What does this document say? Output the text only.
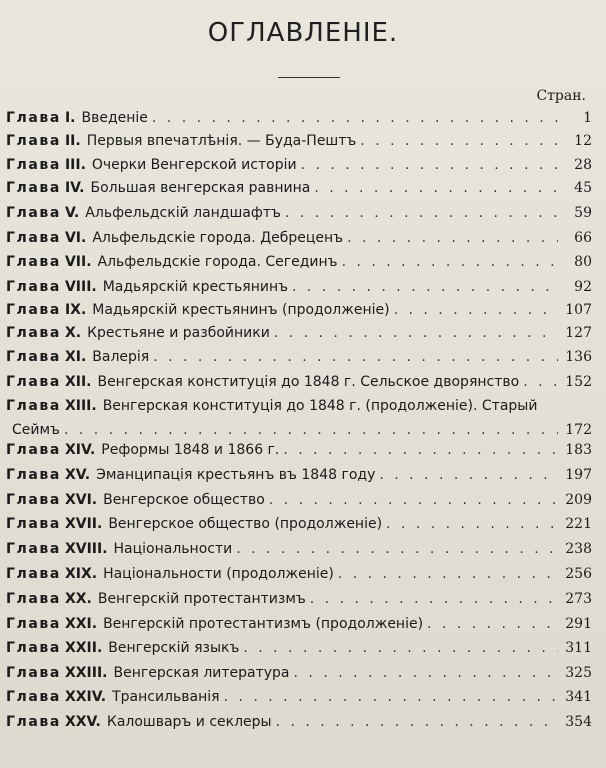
ОГЛАВЛЕНІЕ.
Стран.
Глава I. Введеніе . . .	1
Глава II. Первыя впечатлѣнія. — Буда-Пештъ . . .	12
Глава III. Очерки Венгерской исторіи . . .	28
Глава IV. Большая венгерская равнина . . .	45
Глава V. Альфельдскій ландшафтъ . . .	59
Глава VI. Альфельдскіе города. Дебреценъ . . .	66
Глава VII. Альфельдскіе города. Сегединъ . . .	80
Глава VIII. Мадьярскій крестьянинъ . . .	92
Глава IX. Мадьярскій крестьянинъ (продолженіе) . . .	107
Глава X. Крестьяне и разбойники . . .	127
Глава XI. Валерія . . .	136
Глава XII. Венгерская конституція до 1848 г. Сельское дворянство . . .	152
Глава XIII. Венгерская конституція до 1848 г. (продолженіе). Старый
Сеймъ . . .	172
Глава XIV. Реформы 1848 и 1866 г. . . .	183
Глава XV. Эманципація крестьянъ въ 1848 году . . .	197
Глава XVI. Венгерское общество . . .	209
Глава XVII. Венгерское общество (продолженіе) . . .	221
Глава XVIII. Національности . . .	238
Глава XIX. Національности (продолженіе) . . .	256
Глава XX. Венгерскій протестантизмъ . . .	273
Глава XXI. Венгерскій протестантизмъ (продолженіе) . . .	291
Глава XXII. Венгерскій языкъ . . .	311
Глава XXIII. Венгерская литература . . .	325
Глава XXIV. Трансильванія . . .	341
Глава XXV. Калошваръ и секлеры . . .	354
